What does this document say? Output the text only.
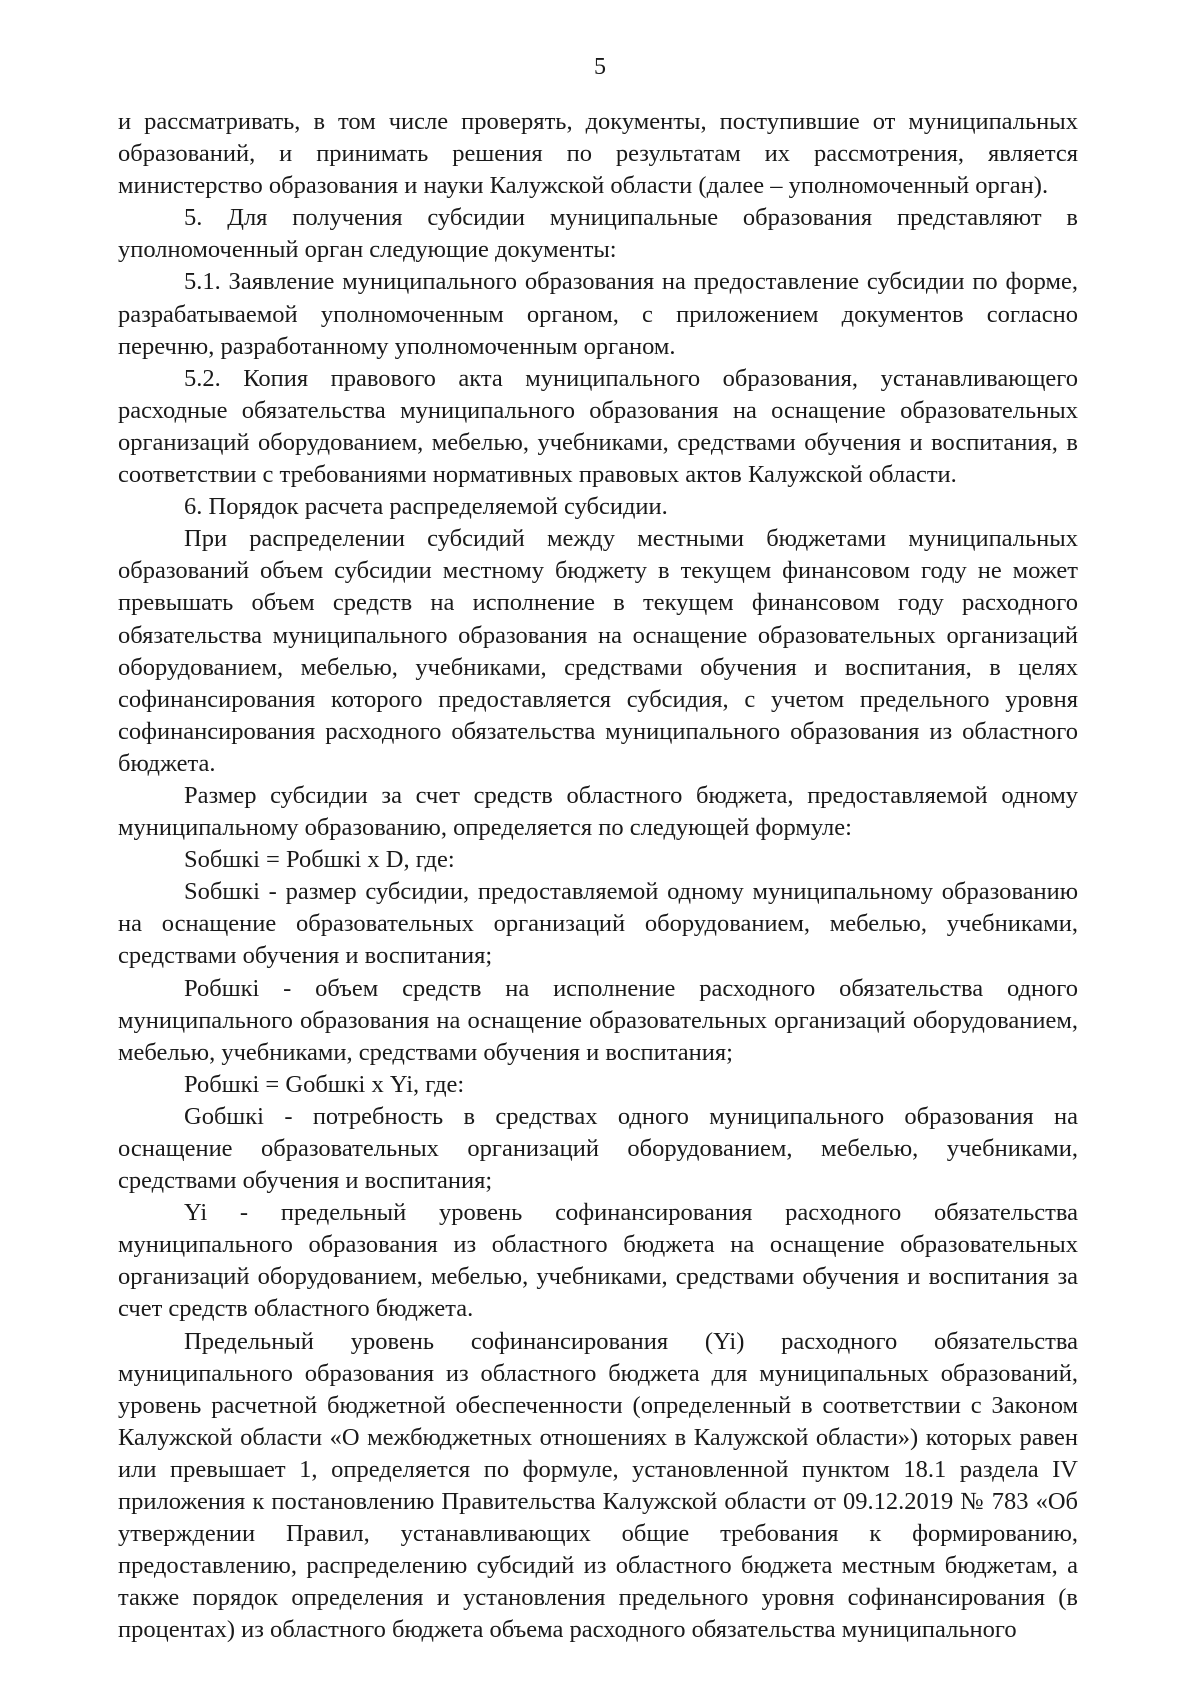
5

и рассматривать, в том числе проверять, документы, поступившие от муниципальных образований, и принимать решения по результатам их рассмотрения, является министерство образования и науки Калужской области (далее – уполномоченный орган).

5. Для получения субсидии муниципальные образования представляют в уполномоченный орган следующие документы:

5.1. Заявление муниципального образования на предоставление субсидии по форме, разрабатываемой уполномоченным органом, с приложением документов согласно перечню, разработанному уполномоченным органом.

5.2. Копия правового акта муниципального образования, устанавливающего расходные обязательства муниципального образования на оснащение образовательных организаций оборудованием, мебелью, учебниками, средствами обучения и воспитания, в соответствии с требованиями нормативных правовых актов Калужской области.

6. Порядок расчета распределяемой субсидии.

При распределении субсидий между местными бюджетами муниципальных образований объем субсидии местному бюджету в текущем финансовом году не может превышать объем средств на исполнение в текущем финансовом году расходного обязательства муниципального образования на оснащение образовательных организаций оборудованием, мебелью, учебниками, средствами обучения и воспитания, в целях софинансирования которого предоставляется субсидия, с учетом предельного уровня софинансирования расходного обязательства муниципального образования из областного бюджета.

Размер субсидии за счет средств областного бюджета, предоставляемой одному муниципальному образованию, определяется по следующей формуле:

Sобшкi = Робшкi х D, где:

Sобшкi - размер субсидии, предоставляемой одному муниципальному образованию на оснащение образовательных организаций оборудованием, мебелью, учебниками, средствами обучения и воспитания;

Робшкi - объем средств на исполнение расходного обязательства одного муниципального образования на оснащение образовательных организаций оборудованием, мебелью, учебниками, средствами обучения и воспитания;

Робшкi = Gобшкi х Yi, где:

Gобшкi - потребность в средствах одного муниципального образования на оснащение образовательных организаций оборудованием, мебелью, учебниками, средствами обучения и воспитания;

Yi - предельный уровень софинансирования расходного обязательства муниципального образования из областного бюджета на оснащение образовательных организаций оборудованием, мебелью, учебниками, средствами обучения и воспитания за счет средств областного бюджета.

Предельный уровень софинансирования (Yi) расходного обязательства муниципального образования из областного бюджета для муниципальных образований, уровень расчетной бюджетной обеспеченности (определенный в соответствии с Законом Калужской области «О межбюджетных отношениях в Калужской области») которых равен или превышает 1, определяется по формуле, установленной пунктом 18.1 раздела IV приложения к постановлению Правительства Калужской области от 09.12.2019 № 783 «Об утверждении Правил, устанавливающих общие требования к формированию, предоставлению, распределению субсидий из областного бюджета местным бюджетам, а также порядок определения и установления предельного уровня софинансирования (в процентах) из областного бюджета объема расходного обязательства муниципального
